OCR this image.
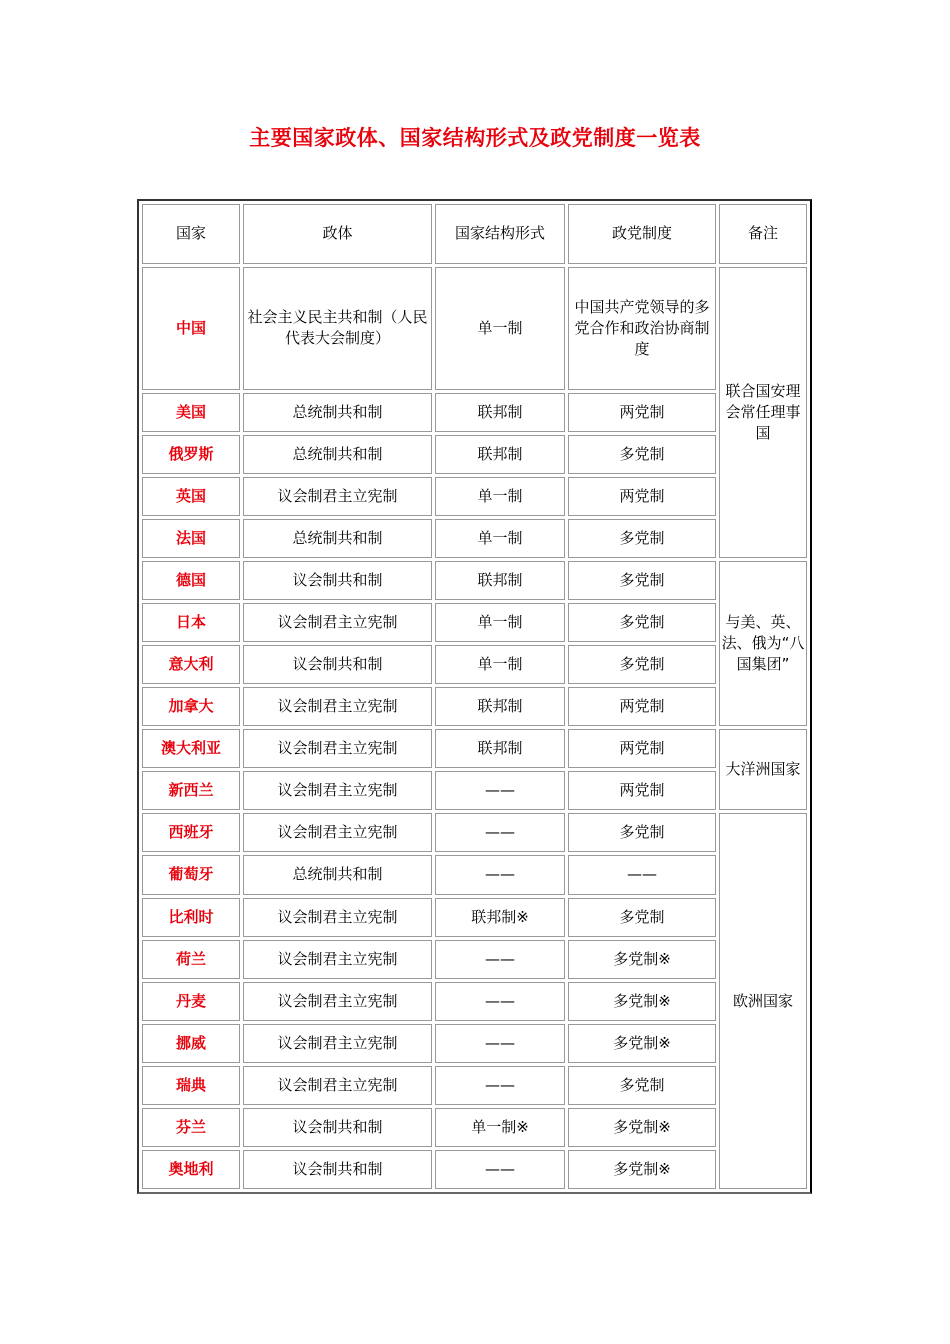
主要国家政体、国家结构形式及政党制度一览表
国家	政体	国家结构形式	政党制度	备注
中国	社会主义民主共和制（人民代表大会制度）	单一制	中国共产党领导的多党合作和政治协商制度	联合国安理会常任理事国
美国	总统制共和制	联邦制	两党制	
俄罗斯	总统制共和制	联邦制	多党制	
英国	议会制君主立宪制	单一制	两党制	
法国	总统制共和制	单一制	多党制	
德国	议会制共和制	联邦制	多党制	与美、英、法、俄为“八国集团”
日本	议会制君主立宪制	单一制	多党制	
意大利	议会制共和制	单一制	多党制	
加拿大	议会制君主立宪制	联邦制	两党制	
澳大利亚	议会制君主立宪制	联邦制	两党制	大洋洲国家
新西兰	议会制君主立宪制	——	两党制	
西班牙	议会制君主立宪制	——	多党制	欧洲国家
葡萄牙	总统制共和制	——	——	
比利时	议会制君主立宪制	联邦制※	多党制	
荷兰	议会制君主立宪制	——	多党制※	
丹麦	议会制君主立宪制	——	多党制※	
挪威	议会制君主立宪制	——	多党制※	
瑞典	议会制君主立宪制	——	多党制	
芬兰	议会制共和制	单一制※	多党制※	
奥地利	议会制共和制	——	多党制※	
